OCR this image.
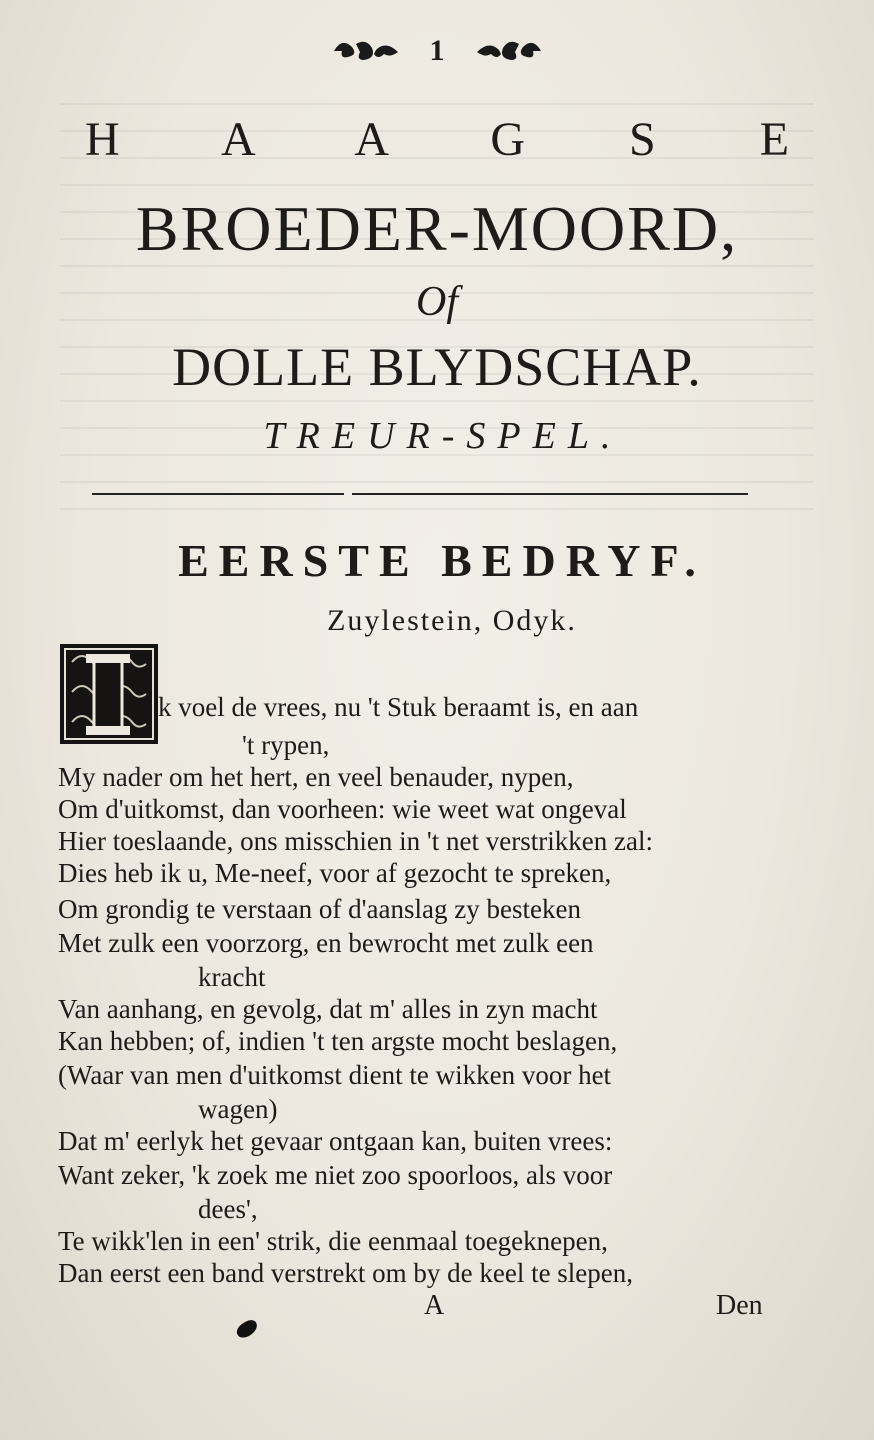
1
H A A G S E
BROEDER-MOORD,
Of
DOLLE BLYDSCHAP.
TREUR-SPEL.
EERSTE BEDRYF.
Zuylestein, Odyk.
k voel de vrees, nu 't Stuk beraamt is, en aan
't rypen,
My nader om het hert, en veel benauder, nypen,
Om d'uitkomst, dan voorheen: wie weet wat ongeval
Hier toeslaande, ons misschien in 't net verstrikken zal:
Dies heb ik u, Me-neef, voor af gezocht te spreken,
Om grondig te verstaan of d'aanslag zy besteken
Met zulk een voorzorg, en bewrocht met zulk een
kracht
Van aanhang, en gevolg, dat m' alles in zyn macht
Kan hebben; of, indien 't ten argste mocht beslagen,
(Waar van men d'uitkomst dient te wikken voor het
wagen)
Dat m' eerlyk het gevaar ontgaan kan, buiten vrees:
Want zeker, 'k zoek me niet zoo spoorloos, als voor
dees',
Te wikk'len in een' strik, die eenmaal toegeknepen,
Dan eerst een band verstrekt om by de keel te slepen,
A	Den
